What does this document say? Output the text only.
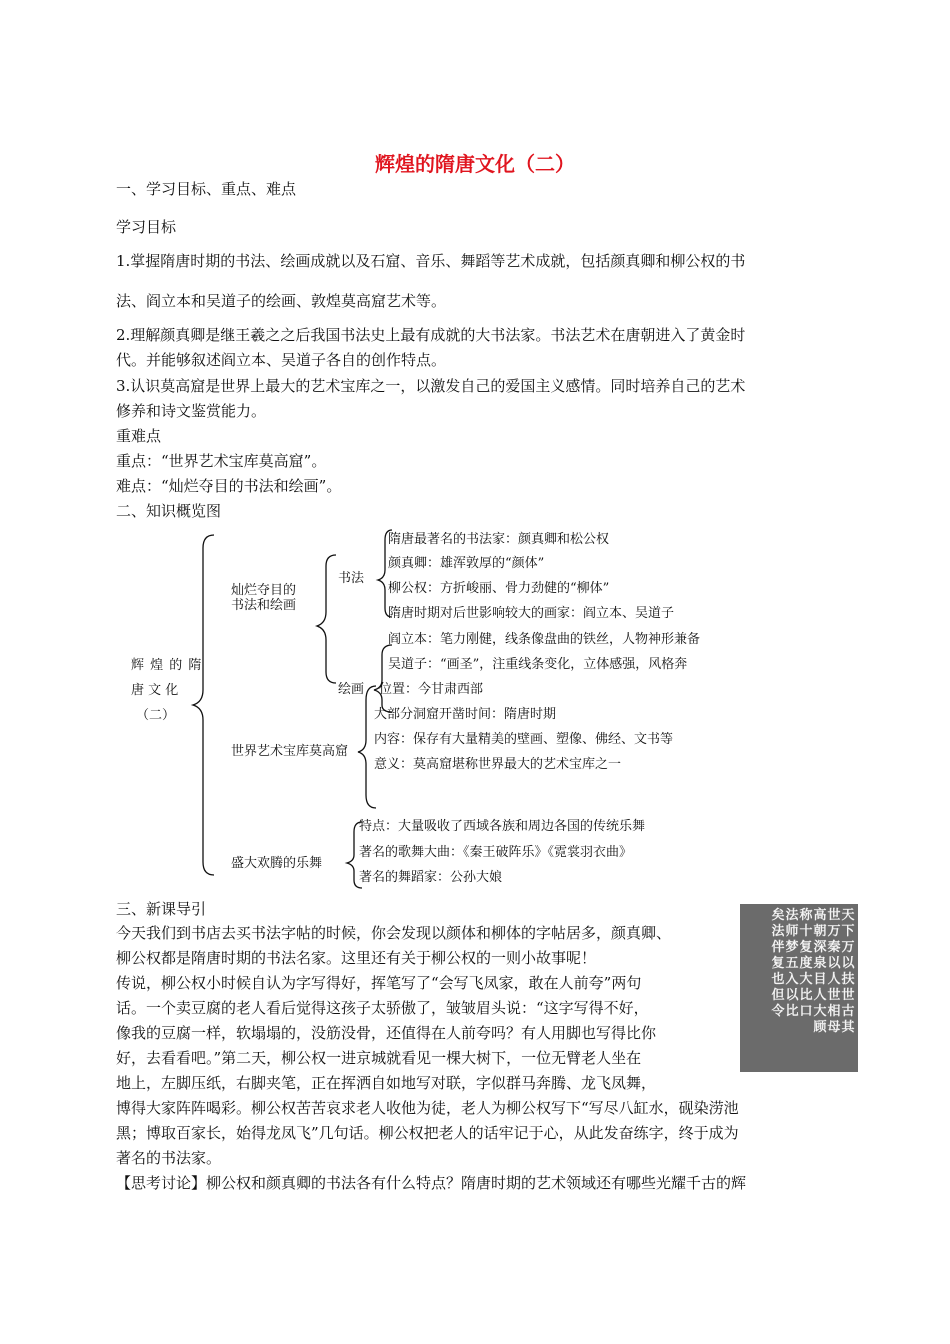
辉煌的隋唐文化（二）
一、学习目标、重点、难点
学习目标
1.掌握隋唐时期的书法、绘画成就以及石窟、音乐、舞蹈等艺术成就，包括颜真卿和柳公权的书
法、阎立本和吴道子的绘画、敦煌莫高窟艺术等。
2.理解颜真卿是继王羲之之后我国书法史上最有成就的大书法家。书法艺术在唐朝进入了黄金时
代。并能够叙述阎立本、吴道子各自的创作特点。
3.认识莫高窟是世界上最大的艺术宝库之一，以激发自己的爱国主义感情。同时培养自己的艺术
修养和诗文鉴赏能力。
重难点
重点：“世界艺术宝库莫高窟”。
难点：“灿烂夺目的书法和绘画”。
二、知识概览图
辉 煌 的 隋
唐 文 化
（二）
灿烂夺目的
书法和绘画
书法
绘画
世界艺术宝库莫高窟
盛大欢腾的乐舞
隋唐最著名的书法家：颜真卿和松公权
颜真卿：雄浑敦厚的“颜体”
柳公权：方折峻丽、骨力劲健的“柳体”
隋唐时期对后世影响较大的画家：阎立本、吴道子
阎立本：笔力刚健，线条像盘曲的铁丝，人物神形兼备
吴道子：“画圣”，注重线条变化，立体感强，风格奔
位置：今甘肃西部
大部分洞窟开凿时间：隋唐时期
内容：保存有大量精美的壁画、塑像、佛经、文书等
意义：莫高窟堪称世界最大的艺术宝库之一
特点：大量吸收了西域各族和周边各国的传统乐舞
著名的歌舞大曲：《秦王破阵乐》《霓裳羽衣曲》
著名的舞蹈家：公孙大娘
三、新课导引
今天我们到书店去买书法字帖的时候，你会发现以颜体和柳体的字帖居多，颜真卿、
柳公权都是隋唐时期的书法名家。这里还有关于柳公权的一则小故事呢！
传说，柳公权小时候自认为字写得好，挥笔写了“会写飞凤家，敢在人前夸”两句
话。一个卖豆腐的老人看后觉得这孩子太骄傲了，皱皱眉头说：“这字写得不好，
像我的豆腐一样，软塌塌的，没筋没骨，还值得在人前夸吗？有人用脚也写得比你
好，去看看吧。”第二天，柳公权一进京城就看见一棵大树下，一位无臂老人坐在
地上，左脚压纸，右脚夹笔，正在挥洒自如地写对联，字似群马奔腾、龙飞凤舞，
博得大家阵阵喝彩。柳公权苦苦哀求老人收他为徒，老人为柳公权写下“写尽八缸水，砚染涝池
黑；博取百家长，始得龙凤飞”几句话。柳公权把老人的话牢记于心，从此发奋练字，终于成为
著名的书法家。
【思考讨论】柳公权和颜真卿的书法各有什么特点？隋唐时期的艺术领域还有哪些光耀千古的辉
天下万以扶世古其
世万秦以人世相母
高朝深泉目人大顾
称十复度大比口
法师梦五入以比
矣法伴复也但令
